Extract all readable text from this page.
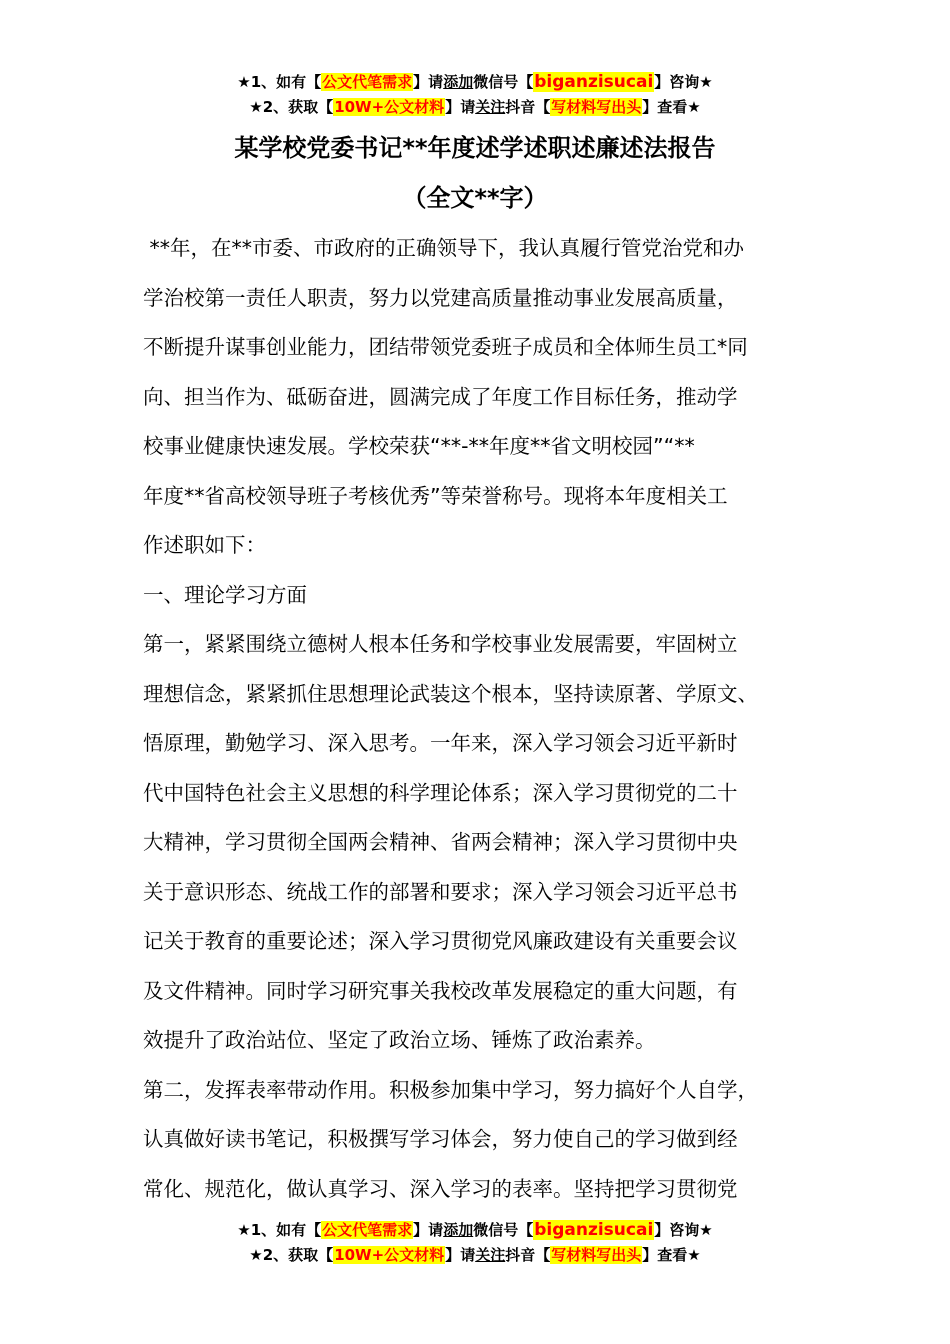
★1、如有【公文代笔需求】请添加微信号【biganzisucai】咨询★
★2、获取【10W+公文材料】请关注抖音【写材料写出头】查看★
某学校党委书记**年度述学述职述廉述法报告
（全文**字）

**年，在**市委、市政府的正确领导下，我认真履行管党治党和办

学治校第一责任人职责，努力以党建高质量推动事业发展高质量，

不断提升谋事创业能力，团结带领党委班子成员和全体师生员工*同

向、担当作为、砥砺奋进，圆满完成了年度工作目标任务，推动学

校事业健康快速发展。学校荣获“**-**年度**省文明校园”“**

年度**省高校领导班子考核优秀”等荣誉称号。现将本年度相关工

作述职如下：

一、理论学习方面

第一，紧紧围绕立德树人根本任务和学校事业发展需要，牢固树立

理想信念，紧紧抓住思想理论武装这个根本，坚持读原著、学原文、

悟原理，勤勉学习、深入思考。一年来，深入学习领会习近平新时

代中国特色社会主义思想的科学理论体系；深入学习贯彻党的二十

大精神，学习贯彻全国两会精神、省两会精神；深入学习贯彻中央

关于意识形态、统战工作的部署和要求；深入学习领会习近平总书

记关于教育的重要论述；深入学习贯彻党风廉政建设有关重要会议

及文件精神。同时学习研究事关我校改革发展稳定的重大问题，有

效提升了政治站位、坚定了政治立场、锤炼了政治素养。

第二，发挥表率带动作用。积极参加集中学习，努力搞好个人自学，

认真做好读书笔记，积极撰写学习体会，努力使自己的学习做到经

常化、规范化，做认真学习、深入学习的表率。坚持把学习贯彻党

★1、如有【公文代笔需求】请添加微信号【biganzisucai】咨询★
★2、获取【10W+公文材料】请关注抖音【写材料写出头】查看★
